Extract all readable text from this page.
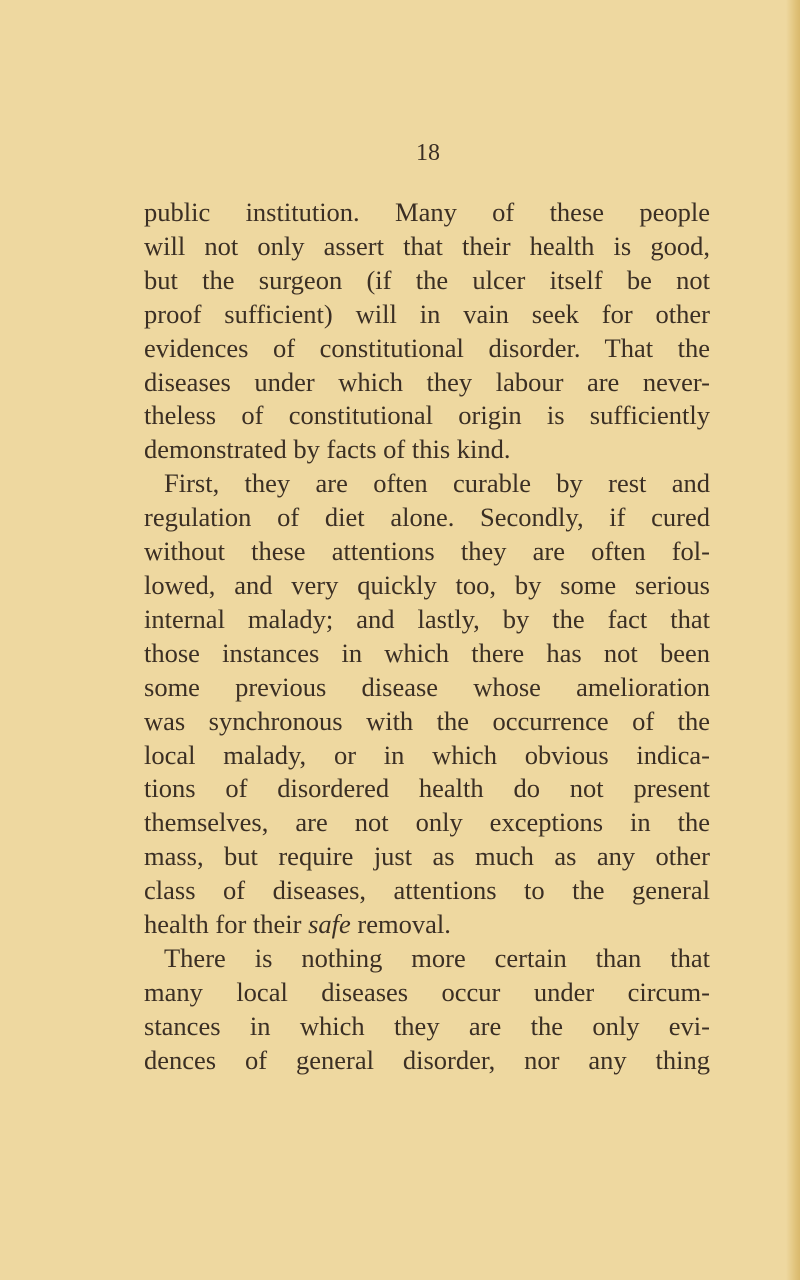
18
public institution. Many of these people
will not only assert that their health is good,
but the surgeon (if the ulcer itself be not
proof sufficient) will in vain seek for other
evidences of constitutional disorder. That the
diseases under which they labour are never-
theless of constitutional origin is sufficiently
demonstrated by facts of this kind.
First, they are often curable by rest and
regulation of diet alone. Secondly, if cured
without these attentions they are often fol-
lowed, and very quickly too, by some serious
internal malady; and lastly, by the fact that
those instances in which there has not been
some previous disease whose amelioration
was synchronous with the occurrence of the
local malady, or in which obvious indica-
tions of disordered health do not present
themselves, are not only exceptions in the
mass, but require just as much as any other
class of diseases, attentions to the general
health for their safe removal.
There is nothing more certain than that
many local diseases occur under circum-
stances in which they are the only evi-
dences of general disorder, nor any thing
